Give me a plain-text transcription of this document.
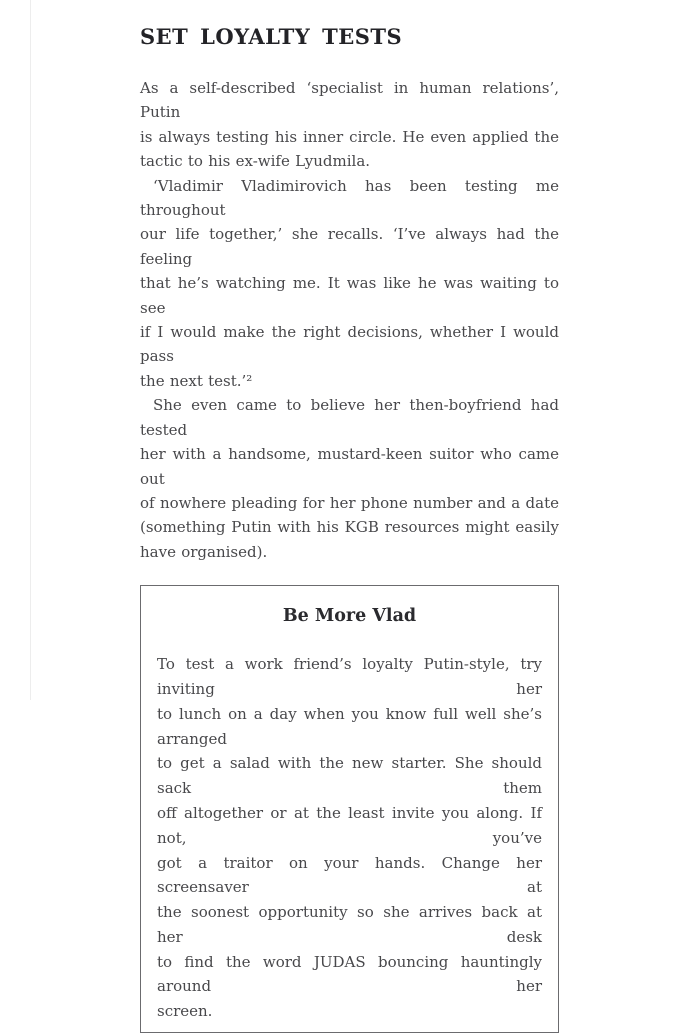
SET LOYALTY TESTS
As a self-described ‘specialist in human relations’, Putin
is always testing his inner circle. He even applied the
tactic to his ex-wife Lyudmila.
‘Vladimir Vladimirovich has been testing me throughout
our life together,’ she recalls. ‘I’ve always had the feeling
that he’s watching me. It was like he was waiting to see
if I would make the right decisions, whether I would pass
the next test.’²
She even came to believe her then-boyfriend had tested
her with a handsome, mustard-keen suitor who came out
of nowhere pleading for her phone number and a date
(something Putin with his KGB resources might easily
have organised).
Be More Vlad
To test a work friend’s loyalty Putin-style, try inviting her
to lunch on a day when you know full well she’s arranged
to get a salad with the new starter. She should sack them
off altogether or at the least invite you along. If not, you’ve
got a traitor on your hands. Change her screensaver at
the soonest opportunity so she arrives back at her desk
to find the word JUDAS bouncing hauntingly around her
screen.
